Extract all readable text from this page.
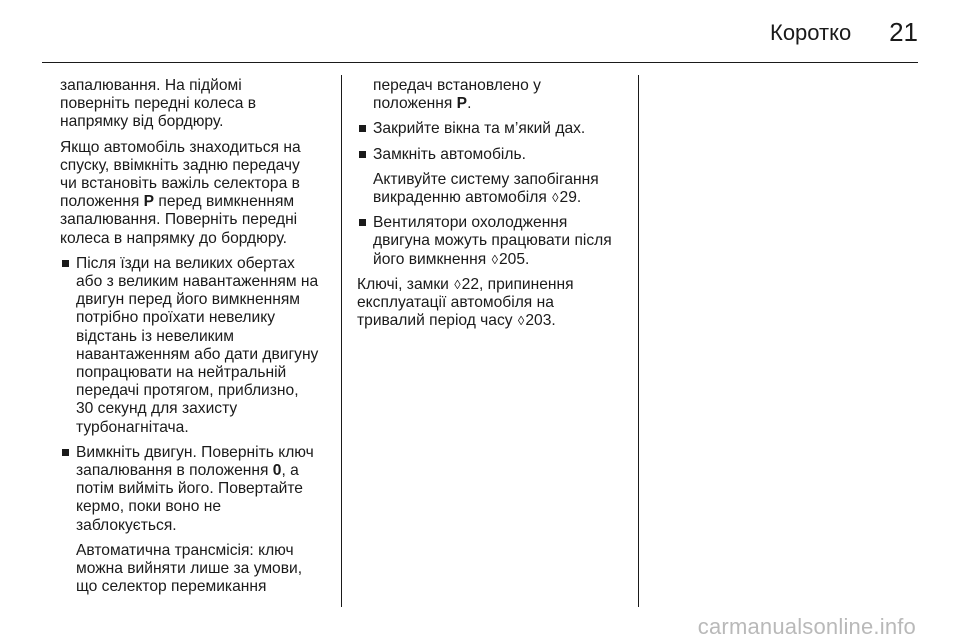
Коротко 21
запалювання. На підйомі
поверніть передні колеса в
напрямку від бордюру.
Якщо автомобіль знаходиться на
спуску, ввімкніть задню передачу
чи встановіть важіль селектора в
положення P перед вимкненням
запалювання. Поверніть передні
колеса в напрямку до бордюру.
Після їзди на великих обертах
або з великим навантаженням на
двигун перед його вимкненням
потрібно проїхати невелику
відстань із невеликим
навантаженням або дати двигуну
попрацювати на нейтральній
передачі протягом, приблизно,
30 секунд для захисту
турбонагнітача.
Вимкніть двигун. Поверніть ключ
запалювання в положення 0, а
потім вийміть його. Повертайте
кермо, поки воно не
заблокується.
Автоматична трансмісія: ключ
можна вийняти лише за умови,
що селектор перемикання
передач встановлено у
положення P.
Закрийте вікна та м’який дах.
Замкніть автомобіль.
Активуйте систему запобігання
викраденню автомобіля ◊29.
Вентилятори охолодження
двигуна можуть працювати після
його вимкнення ◊205.
Ключі, замки ◊22, припинення
експлуатації автомобіля на
тривалий період часу ◊203.
carmanualsonline.info
